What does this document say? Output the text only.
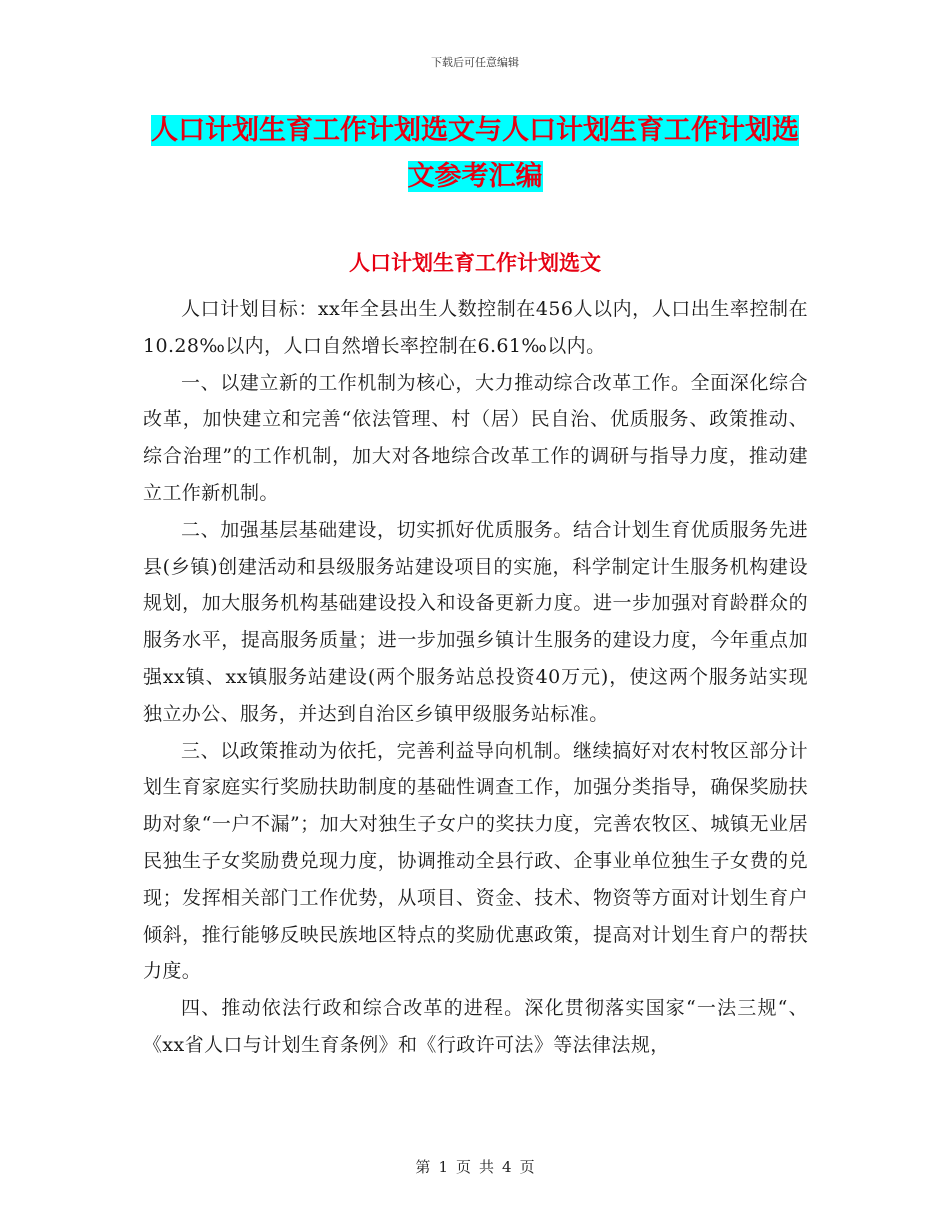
下载后可任意编辑
人口计划生育工作计划选文与人口计划生育工作计划选文参考汇编
人口计划生育工作计划选文

人口计划目标：xx年全县出生人数控制在456人以内，人口出生率控制在10.28‰以内，人口自然增长率控制在6.61‰以内。

一、以建立新的工作机制为核心，大力推动综合改革工作。全面深化综合改革，加快建立和完善“依法管理、村（居）民自治、优质服务、政策推动、综合治理”的工作机制，加大对各地综合改革工作的调研与指导力度，推动建立工作新机制。

二、加强基层基础建设，切实抓好优质服务。结合计划生育优质服务先进县(乡镇)创建活动和县级服务站建设项目的实施，科学制定计生服务机构建设规划，加大服务机构基础建设投入和设备更新力度。进一步加强对育龄群众的服务水平，提高服务质量；进一步加强乡镇计生服务的建设力度，今年重点加强xx镇、xx镇服务站建设(两个服务站总投资40万元)，使这两个服务站实现独立办公、服务，并达到自治区乡镇甲级服务站标准。

三、以政策推动为依托，完善利益导向机制。继续搞好对农村牧区部分计划生育家庭实行奖励扶助制度的基础性调查工作，加强分类指导，确保奖励扶助对象“一户不漏”；加大对独生子女户的奖扶力度，完善农牧区、城镇无业居民独生子女奖励费兑现力度，协调推动全县行政、企事业单位独生子女费的兑现；发挥相关部门工作优势，从项目、资金、技术、物资等方面对计划生育户倾斜，推行能够反映民族地区特点的奖励优惠政策，提高对计划生育户的帮扶力度。

四、推动依法行政和综合改革的进程。深化贯彻落实国家“一法三规“、《xx省人口与计划生育条例》和《行政许可法》等法律法规，

第 1 页 共 4 页
